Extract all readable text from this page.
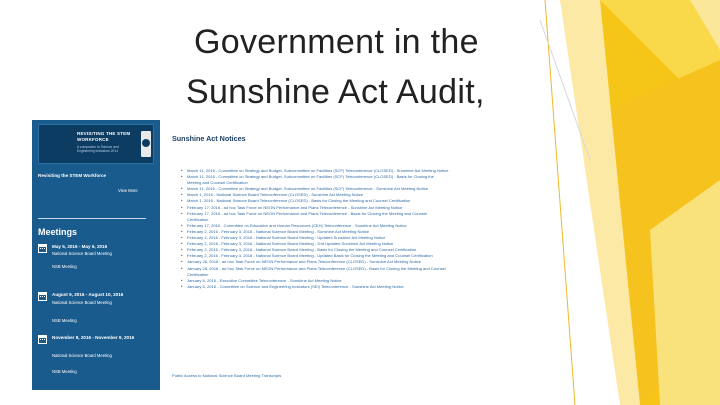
Government in the
Sunshine Act Audit,
REVISITING THE STEM WORKFORCE
A companion to Science and Engineering Indicators 2014
Revisiting the STEM Workforce
View More
Meetings
May 5, 2016 - May 6, 2016
National Science Board Meeting
NSB Meeting
August 9, 2016 - August 10, 2016
National Science Board Meeting
NSB Meeting
November 8, 2016 - November 9, 2016
National Science Board Meeting
NSB Meeting
Sunshine Act Notices
• March 11, 2016 - Committee on Strategy and Budget, Subcommittee on Facilities (SCF) Teleconference (CLOSED) - Sunshine Act Meeting Notice
• March 11, 2016 - Committee on Strategy and Budget, Subcommittee on Facilities (SCF) Teleconference (CLOSED) - Basis for Closing the
Meeting and Counsel Certification
• March 11, 2016 - Committee on Strategy and Budget, Subcommittee on Facilities (SCF) Teleconference - Sunshine Act Meeting Notice
• March 1, 2016 - National Science Board Teleconference (CLOSED) - Sunshine Act Meeting Notice
• March 1, 2016 - National Science Board Teleconference (CLOSED) - Basis for Closing the Meeting and Counsel Certification
• February 17, 2016 - ad hoc Task Force on NEON Performance and Plans Teleconference - Sunshine Act Meeting Notice
• February 17, 2016 - ad hoc Task Force on NEON Performance and Plans Teleconference - Basis for Closing the Meeting and Counsel
Certification
• February 17, 2016 - Committee on Education and Human Resources (CEH) Teleconference - Sunshine Act Meeting Notice
• February 2, 2016 - February 3, 2016 - National Science Board Meeting - Sunshine Act Meeting Notice
• February 2, 2016 - February 3, 2016 - National Science Board Meeting - Updated Sunshine Act Meeting Notice
• February 2, 2016 - February 3, 2016 - National Science Board Meeting - 2nd Updated Sunshine Act Meeting Notice
• February 2, 2016 - February 3, 2016 - National Science Board Meeting - Basis for Closing the Meeting and Counsel Certification
• February 2, 2016 - February 3, 2016 - National Science Board Meeting - Updated Basis for Closing the Meeting and Counsel Certification
• January 28, 2016 - ad hoc Task Force on NEON Performance and Plans Teleconference (CLOSED) - Sunshine Act Meeting Notice
• January 28, 2016 - ad hoc Task Force on NEON Performance and Plans Teleconference (CLOSED) - Basis for Closing the Meeting and Counsel
Certification
• January 8, 2016 - Executive Committee Teleconference - Sunshine Act Meeting Notice
• January 6, 2016 - Committee on Science and Engineering Indicators (SEI) Teleconference - Sunshine Act Meeting Notice
Public Access to National Science Board Meeting Transcripts
